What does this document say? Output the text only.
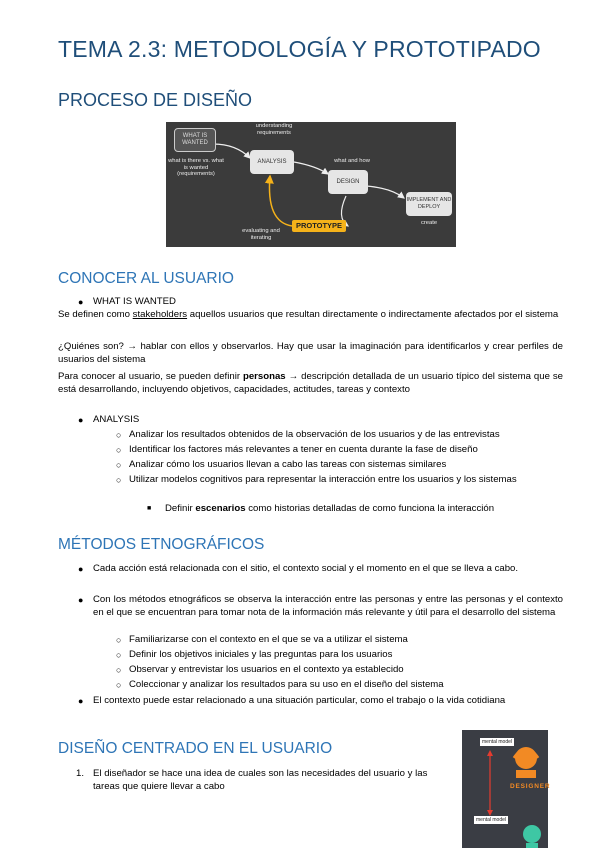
TEMA 2.3: METODOLOGÍA Y PROTOTIPADO
PROCESO DE DISEÑO
WHAT IS WANTED
understanding requirements
ANALYSIS
what is there vs. what is wanted (requirements)
what and how
DESIGN
IMPLEMENT AND DEPLOY
create
PROTOTYPE
evaluating and iterating
CONOCER AL USUARIO
● WHAT IS WANTED
Se definen como stakeholders aquellos usuarios que resultan directamente o indirectamente afectados por el sistema
¿Quiénes son? → hablar con ellos y observarlos. Hay que usar la imaginación para identificarlos y crear perfiles de usuarios del sistema
Para conocer al usuario, se pueden definir personas → descripción detallada de un usuario típico del sistema que se está desarrollando, incluyendo objetivos, capacidades, actitudes, tareas y contexto
● ANALYSIS
○ Analizar los resultados obtenidos de la observación de los usuarios y de las entrevistas
○ Identificar los factores más relevantes a tener en cuenta durante la fase de diseño
○ Analizar cómo los usuarios llevan a cabo las tareas con sistemas similares
○ Utilizar modelos cognitivos para representar la interacción entre los usuarios y los sistemas
■ Definir escenarios como historias detalladas de como funciona la interacción
MÉTODOS ETNOGRÁFICOS
● Cada acción está relacionada con el sitio, el contexto social y el momento en el que se lleva a cabo.
● Con los métodos etnográficos se observa la interacción entre las personas y entre las personas y el contexto en el que se encuentran para tomar nota de la información más relevante y útil para el desarrollo del sistema
○ Familiarizarse con el contexto en el que se va a utilizar el sistema
○ Definir los objetivos iniciales y las preguntas para los usuarios
○ Observar y entrevistar los usuarios en el contexto ya establecido
○ Coleccionar y analizar los resultados para su uso en el diseño del sistema
● El contexto puede estar relacionado a una situación particular, como el trabajo o la vida cotidiana
DISEÑO CENTRADO EN EL USUARIO
1. El diseñador se hace una idea de cuales son las necesidades del usuario y las tareas que quiere llevar a cabo
mental model
DESIGNER
mental model
